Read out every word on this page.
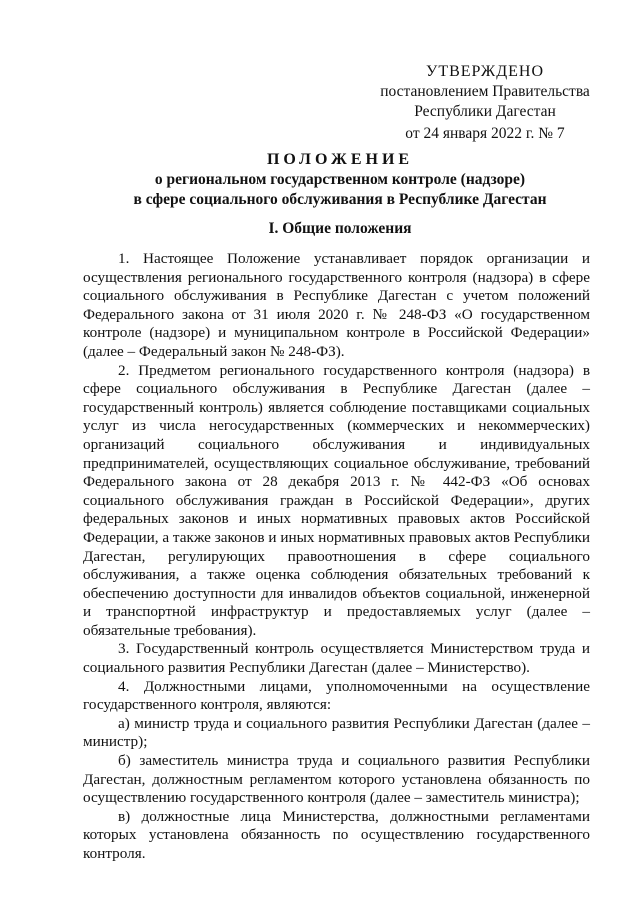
УТВЕРЖДЕНО
постановлением Правительства
Республики Дагестан
от 24 января 2022 г. № 7
ПОЛОЖЕНИЕ
о региональном государственном контроле (надзоре)
в сфере социального обслуживания в Республике Дагестан
I. Общие положения

1. Настоящее Положение устанавливает порядок организации и осуществления регионального государственного контроля (надзора) в сфере социального обслуживания в Республике Дагестан с учетом положений Федерального закона от 31 июля 2020 г. № 248-ФЗ «О государственном контроле (надзоре) и муниципальном контроле в Российской Федерации» (далее – Федеральный закон № 248-ФЗ).

2. Предметом регионального государственного контроля (надзора) в сфере социального обслуживания в Республике Дагестан (далее – государственный контроль) является соблюдение поставщиками социальных услуг из числа негосударственных (коммерческих и некоммерческих) организаций социального обслуживания и индивидуальных предпринимателей, осуществляющих социальное обслуживание, требований Федерального закона от 28 декабря 2013 г. № 442-ФЗ «Об основах социального обслуживания граждан в Российской Федерации», других федеральных законов и иных нормативных правовых актов Российской Федерации, а также законов и иных нормативных правовых актов Республики Дагестан, регулирующих правоотношения в сфере социального обслуживания, а также оценка соблюдения обязательных требований к обеспечению доступности для инвалидов объектов социальной, инженерной и транспортной инфраструктур и предоставляемых услуг (далее – обязательные требования).

3. Государственный контроль осуществляется Министерством труда и социального развития Республики Дагестан (далее – Министерство).

4. Должностными лицами, уполномоченными на осуществление государственного контроля, являются:

а) министр труда и социального развития Республики Дагестан (далее – министр);

б) заместитель министра труда и социального развития Республики Дагестан, должностным регламентом которого установлена обязанность по осуществлению государственного контроля (далее – заместитель министра);

в) должностные лица Министерства, должностными регламентами которых установлена обязанность по осуществлению государственного контроля.
